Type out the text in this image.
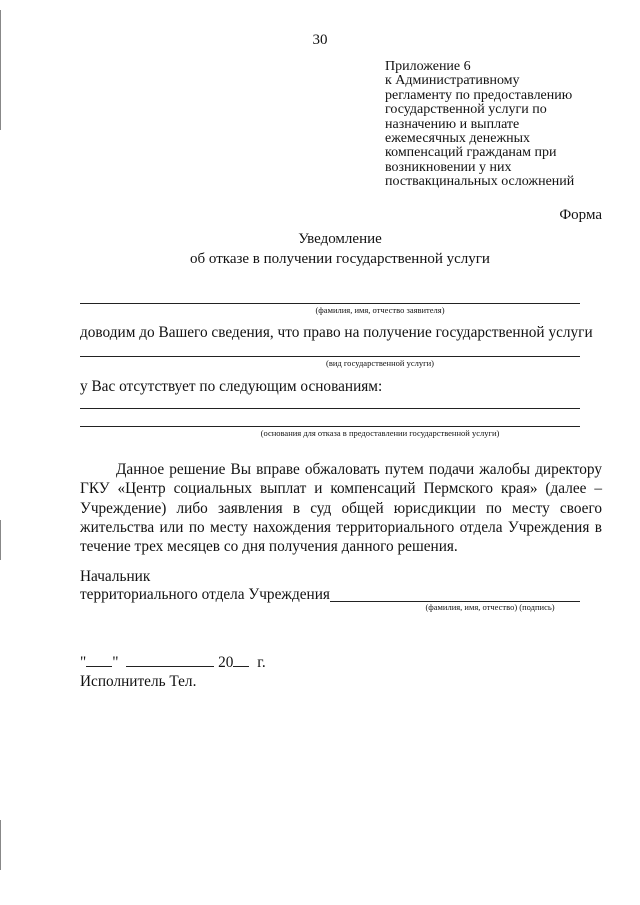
30
Приложение 6
к Административному
регламенту по предоставлению
государственной услуги по
назначению и выплате
ежемесячных денежных
компенсаций гражданам при
возникновении у них
поствакцинальных осложнений
Форма
Уведомление
об отказе в получении государственной услуги
(фамилия, имя, отчество заявителя)
доводим до Вашего сведения, что право на получение государственной услуги
(вид государственной услуги)
у Вас отсутствует по следующим основаниям:
(основания для отказа в предоставлении государственной услуги)

Данное решение Вы вправе обжаловать путем подачи жалобы директору ГКУ «Центр социальных выплат и компенсаций Пермского края» (далее – Учреждение) либо заявления в суд общей юрисдикции по месту своего жительства или по месту нахождения территориального отдела Учреждения в течение трех месяцев со дня получения данного решения.

Начальник
территориального отдела Учреждения
(фамилия, имя, отчество) (подпись)
" "	20 г.
Исполнитель Тел.
